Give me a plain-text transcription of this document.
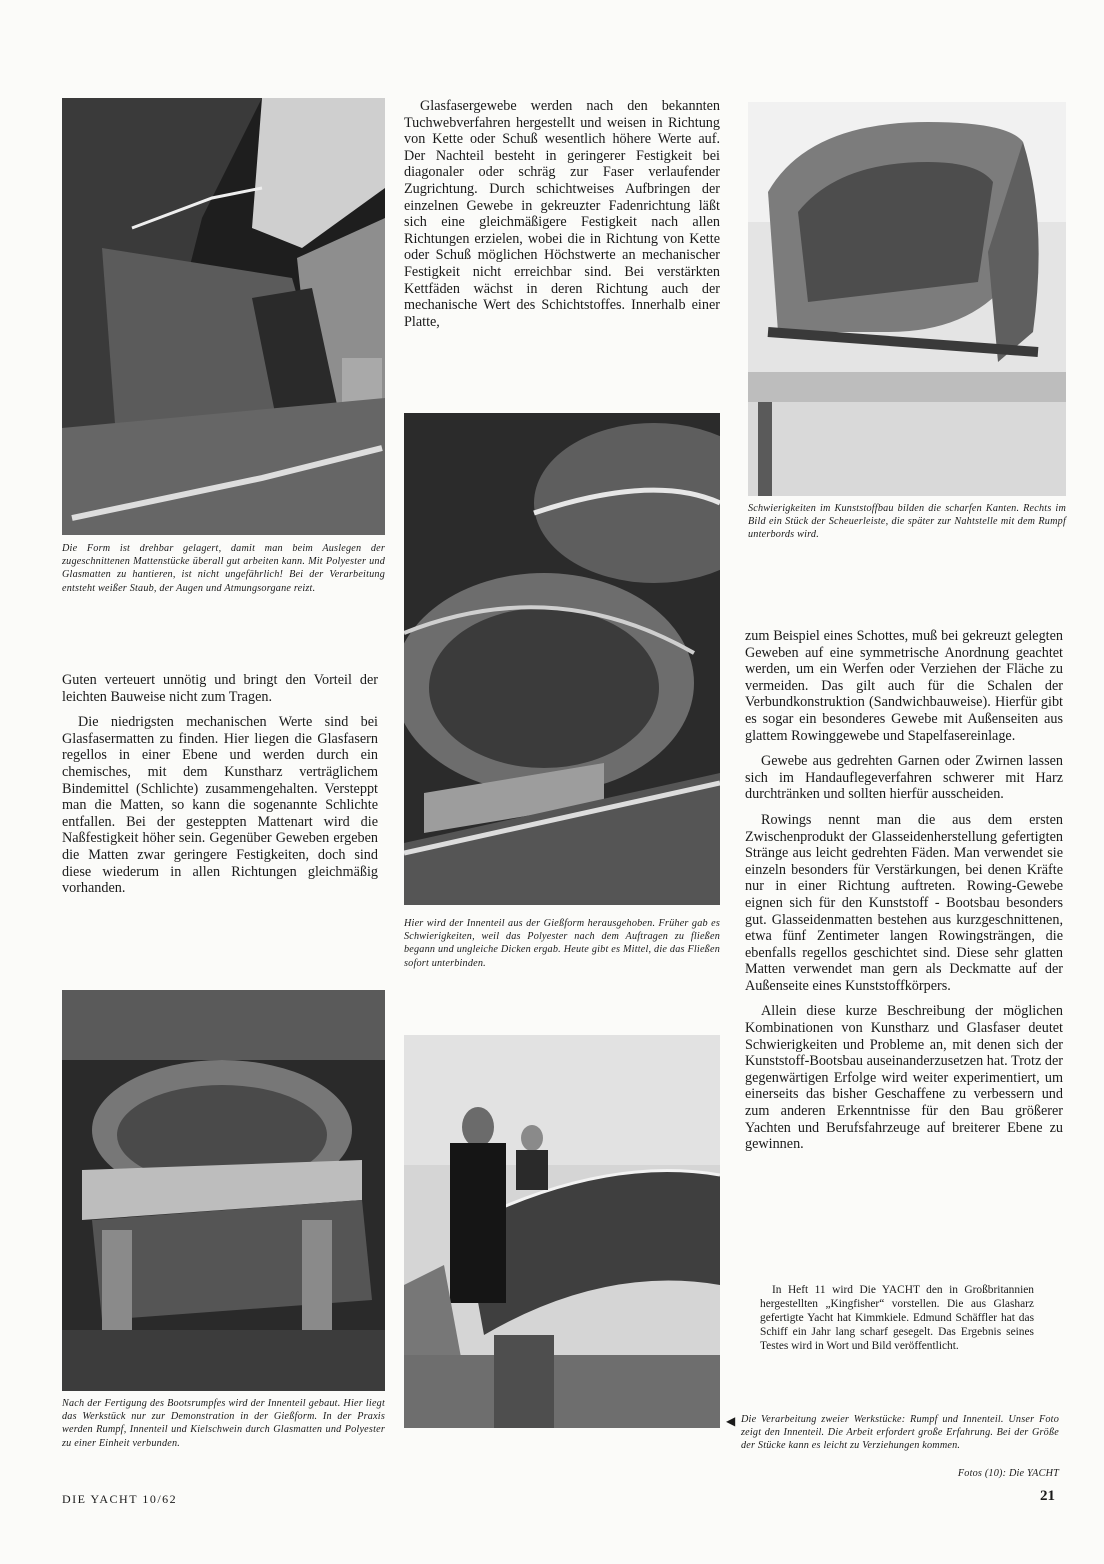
Die Form ist drehbar gelagert, damit man beim Auslegen der zugeschnittenen Mattenstücke überall gut arbeiten kann. Mit Polyester und Glasmatten zu hantieren, ist nicht ungefährlich! Bei der Verarbeitung entsteht weißer Staub, der Augen und Atmungsorgane reizt.

Guten verteuert unnötig und bringt den Vorteil der leichten Bauweise nicht zum Tragen.

Die niedrigsten mechanischen Werte sind bei Glasfasermatten zu finden. Hier liegen die Glasfasern regellos in einer Ebene und werden durch ein chemisches, mit dem Kunstharz verträglichem Bindemittel (Schlichte) zusammengehalten. Versteppt man die Matten, so kann die sogenannte Schlichte entfallen. Bei der gesteppten Mattenart wird die Naßfestigkeit höher sein. Gegenüber Geweben ergeben die Matten zwar geringere Festigkeiten, doch sind diese wiederum in allen Richtungen gleichmäßig vorhanden.

Nach der Fertigung des Bootsrumpfes wird der Innenteil gebaut. Hier liegt das Werkstück nur zur Demonstration in der Gießform. In der Praxis werden Rumpf, Innenteil und Kielschwein durch Glasmatten und Polyester zu einer Einheit verbunden.

Glasfasergewebe werden nach den bekannten Tuchwebverfahren hergestellt und weisen in Richtung von Kette oder Schuß wesentlich höhere Werte auf. Der Nachteil besteht in geringerer Festigkeit bei diagonaler oder schräg zur Faser verlaufender Zugrichtung. Durch schichtweises Aufbringen der einzelnen Gewebe in gekreuzter Fadenrichtung läßt sich eine gleichmäßigere Festigkeit nach allen Richtungen erzielen, wobei die in Richtung von Kette oder Schuß möglichen Höchstwerte an mechanischer Festigkeit nicht erreichbar sind. Bei verstärkten Kettfäden wächst in deren Richtung auch der mechanische Wert des Schichtstoffes. Innerhalb einer Platte,

Hier wird der Innenteil aus der Gießform herausgehoben. Früher gab es Schwierigkeiten, weil das Polyester nach dem Auftragen zu fließen begann und ungleiche Dicken ergab. Heute gibt es Mittel, die das Fließen sofort unterbinden.

Schwierigkeiten im Kunststoffbau bilden die scharfen Kanten. Rechts im Bild ein Stück der Scheuerleiste, die später zur Nahtstelle mit dem Rumpf unterbords wird.

zum Beispiel eines Schottes, muß bei gekreuzt gelegten Geweben auf eine symmetrische Anordnung geachtet werden, um ein Werfen oder Verziehen der Fläche zu vermeiden. Das gilt auch für die Schalen der Verbundkonstruktion (Sandwichbauweise). Hierfür gibt es sogar ein besonderes Gewebe mit Außenseiten aus glattem Rowinggewebe und Stapelfasereinlage.

Gewebe aus gedrehten Garnen oder Zwirnen lassen sich im Handauflegeverfahren schwerer mit Harz durchtränken und sollten hierfür ausscheiden.

Rowings nennt man die aus dem ersten Zwischenprodukt der Glasseidenherstellung gefertigten Stränge aus leicht gedrehten Fäden. Man verwendet sie einzeln besonders für Verstärkungen, bei denen Kräfte nur in einer Richtung auftreten. Rowing-Gewebe eignen sich für den Kunststoff - Bootsbau besonders gut. Glasseidenmatten bestehen aus kurzgeschnittenen, etwa fünf Zentimeter langen Rowingsträngen, die ebenfalls regellos geschichtet sind. Diese sehr glatten Matten verwendet man gern als Deckmatte auf der Außenseite eines Kunststoffkörpers.

Allein diese kurze Beschreibung der möglichen Kombinationen von Kunstharz und Glasfaser deutet Schwierigkeiten und Probleme an, mit denen sich der Kunststoff-Bootsbau auseinanderzusetzen hat. Trotz der gegenwärtigen Erfolge wird weiter experimentiert, um einerseits das bisher Geschaffene zu verbessern und zum anderen Erkenntnisse für den Bau größerer Yachten und Berufsfahrzeuge auf breiterer Ebene zu gewinnen.

In Heft 11 wird Die YACHT den in Großbritannien hergestellten „Kingfisher“ vorstellen. Die aus Glasharz gefertigte Yacht hat Kimmkiele. Edmund Schäffler hat das Schiff ein Jahr lang scharf gesegelt. Das Ergebnis seines Testes wird in Wort und Bild veröffentlicht.

◀ Die Verarbeitung zweier Werkstücke: Rumpf und Innenteil. Unser Foto zeigt den Innenteil. Die Arbeit erfordert große Erfahrung. Bei der Größe der Stücke kann es leicht zu Verziehungen kommen.

Fotos (10): Die YACHT

DIE YACHT 10/62	21
